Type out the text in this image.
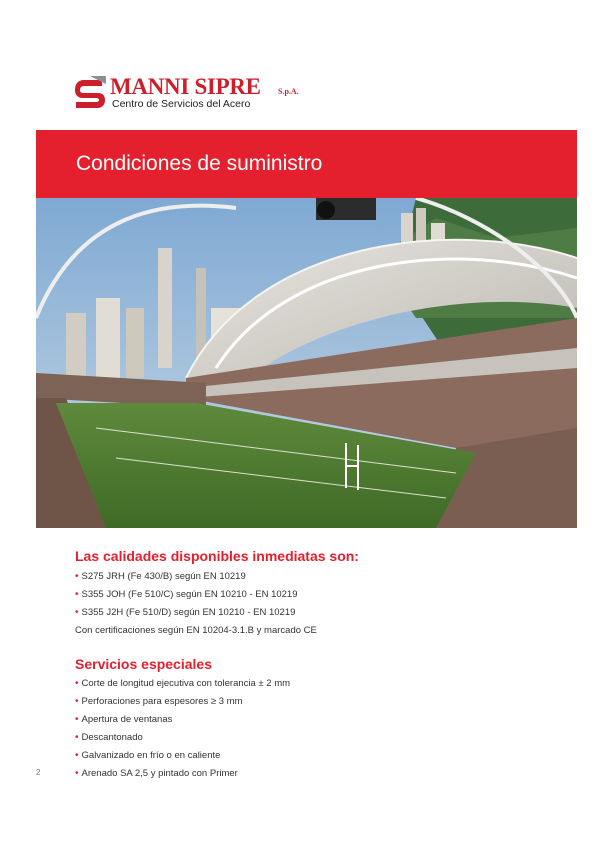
MANNI SIPRE S.p.A.
Centro de Servicios del Acero
Condiciones de suministro
Las calidades disponibles inmediatas son:
• S275 JRH (Fe 430/B) según EN 10219
• S355 JOH (Fe 510/C) según EN 10210 - EN 10219
• S355 J2H (Fe 510/D) según EN 10210 - EN 10219

Con certificaciones según EN 10204-3.1.B y marcado CE

Servicios especiales
• Corte de longitud ejecutiva con tolerancia ± 2 mm
• Perforaciones para espesores ≥ 3 mm
• Apertura de ventanas
• Descantonado
• Galvanizado en frío o en caliente
• Arenado SA 2,5 y pintado con Primer
2
